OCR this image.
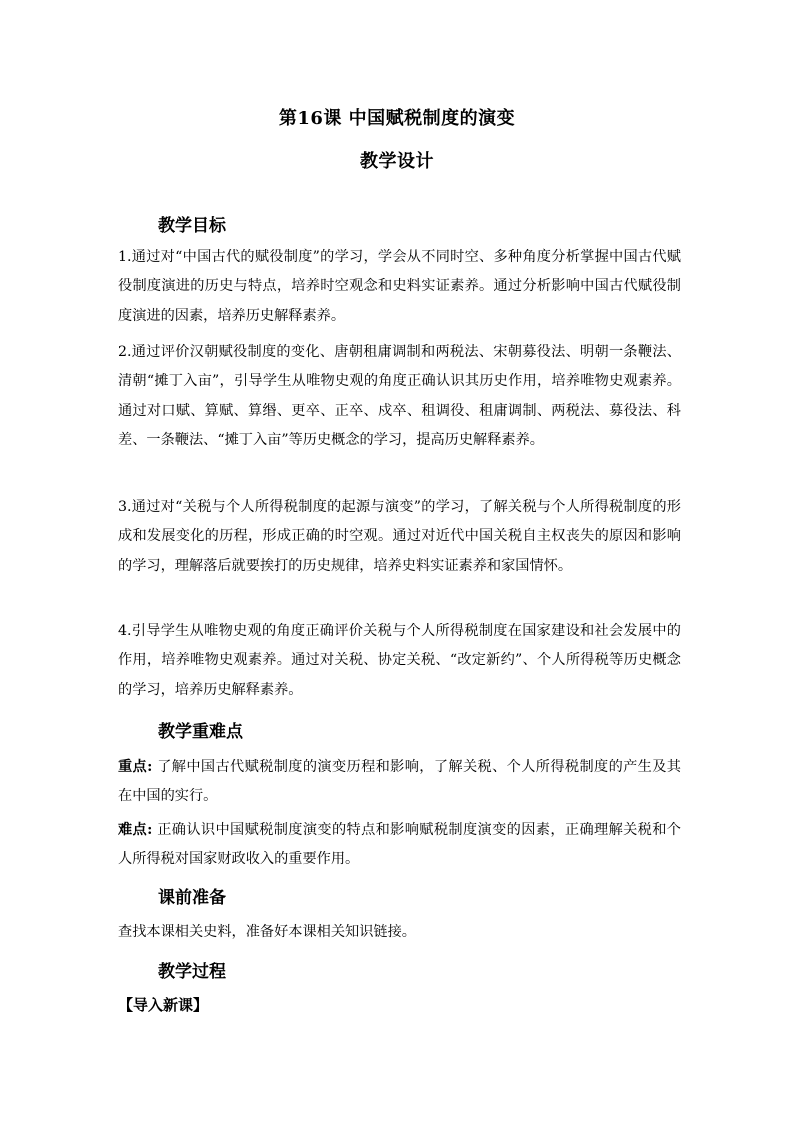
第16课 中国赋税制度的演变
教学设计
教学目标
1.通过对“中国古代的赋役制度”的学习，学会从不同时空、多种角度分析掌握中国古代赋役制度演进的历史与特点，培养时空观念和史料实证素养。通过分析影响中国古代赋役制度演进的因素，培养历史解释素养。
2.通过评价汉朝赋役制度的变化、唐朝租庸调制和两税法、宋朝募役法、明朝一条鞭法、清朝“摊丁入亩”，引导学生从唯物史观的角度正确认识其历史作用，培养唯物史观素养。通过对口赋、算赋、算缗、更卒、正卒、戍卒、租调役、租庸调制、两税法、募役法、科差、一条鞭法、“摊丁入亩”等历史概念的学习，提高历史解释素养。
3.通过对“关税与个人所得税制度的起源与演变”的学习，了解关税与个人所得税制度的形成和发展变化的历程，形成正确的时空观。通过对近代中国关税自主权丧失的原因和影响的学习，理解落后就要挨打的历史规律，培养史料实证素养和家国情怀。
4.引导学生从唯物史观的角度正确评价关税与个人所得税制度在国家建设和社会发展中的作用，培养唯物史观素养。通过对关税、协定关税、“改定新约”、个人所得税等历史概念的学习，培养历史解释素养。
教学重难点
重点: 了解中国古代赋税制度的演变历程和影响，了解关税、个人所得税制度的产生及其在中国的实行。
难点: 正确认识中国赋税制度演变的特点和影响赋税制度演变的因素，正确理解关税和个人所得税对国家财政收入的重要作用。
课前准备
查找本课相关史料，准备好本课相关知识链接。
教学过程
【导入新课】
